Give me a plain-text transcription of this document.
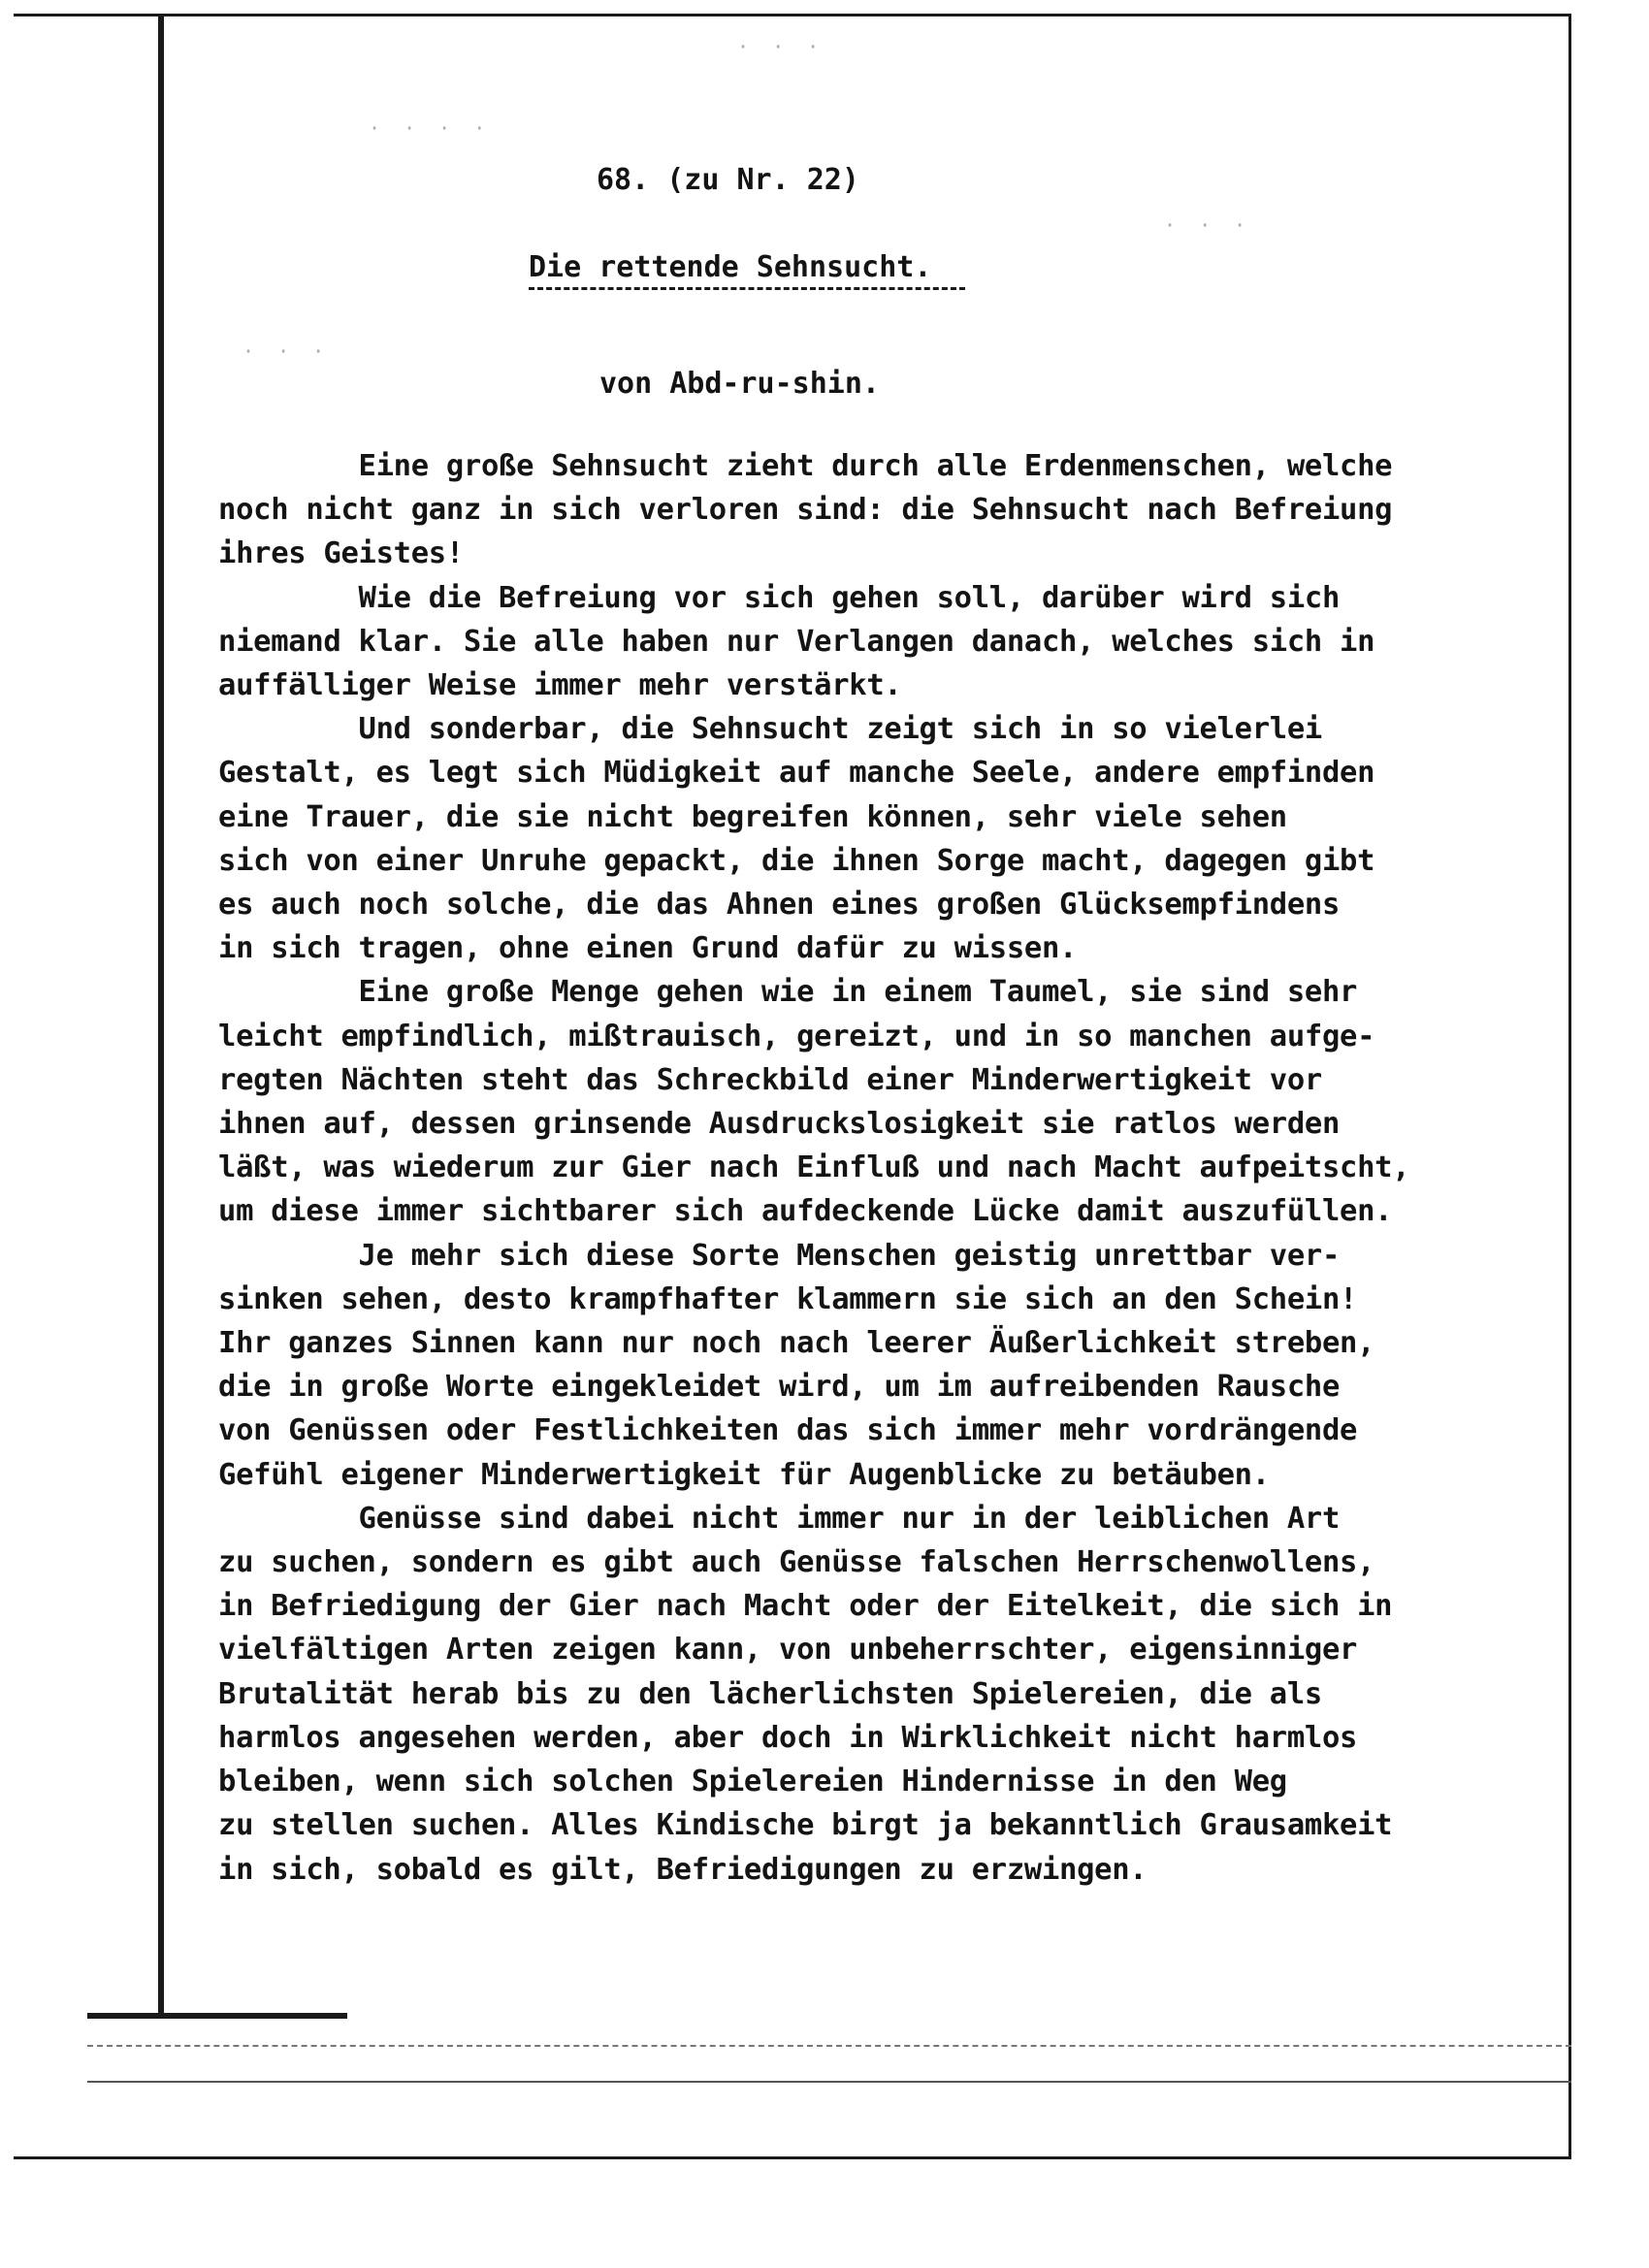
· · ·
· · · ·
· · ·
· · ·
68. (zu Nr. 22)
Die rettende Sehnsucht.
von Abd-ru-shin.
Eine große Sehnsucht zieht durch alle Erdenmenschen, welche
noch nicht ganz in sich verloren sind: die Sehnsucht nach Befreiung
ihres Geistes!
Wie die Befreiung vor sich gehen soll, darüber wird sich
niemand klar. Sie alle haben nur Verlangen danach, welches sich in
auffälliger Weise immer mehr verstärkt.
Und sonderbar, die Sehnsucht zeigt sich in so vielerlei
Gestalt, es legt sich Müdigkeit auf manche Seele, andere empfinden
eine Trauer, die sie nicht begreifen können, sehr viele sehen
sich von einer Unruhe gepackt, die ihnen Sorge macht, dagegen gibt
es auch noch solche, die das Ahnen eines großen Glücksempfindens
in sich tragen, ohne einen Grund dafür zu wissen.
Eine große Menge gehen wie in einem Taumel, sie sind sehr
leicht empfindlich, mißtrauisch, gereizt, und in so manchen aufge-
regten Nächten steht das Schreckbild einer Minderwertigkeit vor
ihnen auf, dessen grinsende Ausdruckslosigkeit sie ratlos werden
läßt, was wiederum zur Gier nach Einfluß und nach Macht aufpeitscht,
um diese immer sichtbarer sich aufdeckende Lücke damit auszufüllen.
Je mehr sich diese Sorte Menschen geistig unrettbar ver-
sinken sehen, desto krampfhafter klammern sie sich an den Schein!
Ihr ganzes Sinnen kann nur noch nach leerer Äußerlichkeit streben,
die in große Worte eingekleidet wird, um im aufreibenden Rausche
von Genüssen oder Festlichkeiten das sich immer mehr vordrängende
Gefühl eigener Minderwertigkeit für Augenblicke zu betäuben.
Genüsse sind dabei nicht immer nur in der leiblichen Art
zu suchen, sondern es gibt auch Genüsse falschen Herrschenwollens,
in Befriedigung der Gier nach Macht oder der Eitelkeit, die sich in
vielfältigen Arten zeigen kann, von unbeherrschter, eigensinniger
Brutalität herab bis zu den lächerlichsten Spielereien, die als
harmlos angesehen werden, aber doch in Wirklichkeit nicht harmlos
bleiben, wenn sich solchen Spielereien Hindernisse in den Weg
zu stellen suchen. Alles Kindische birgt ja bekanntlich Grausamkeit
in sich, sobald es gilt, Befriedigungen zu erzwingen.
